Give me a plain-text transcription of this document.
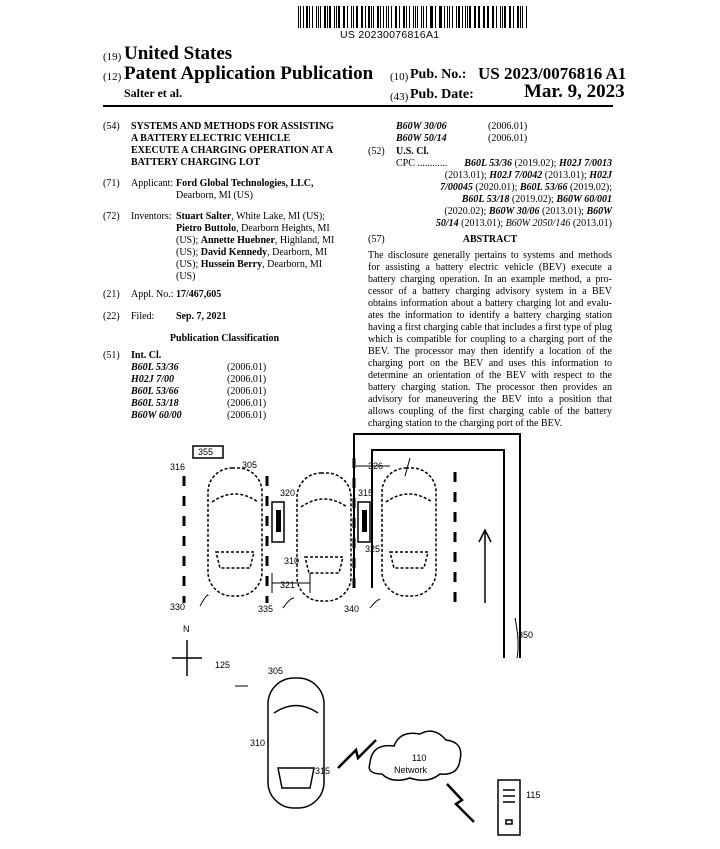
US 20230076816A1
(19) United States
(12) Patent Application Publication
Salter et al.
(10) Pub. No.: US 2023/0076816 A1
(43) Pub. Date:	Mar. 9, 2023
(54) SYSTEMS AND METHODS FOR ASSISTING
A BATTERY ELECTRIC VEHICLE
EXECUTE A CHARGING OPERATION AT A
BATTERY CHARGING LOT
(71) Applicant: Ford Global Technologies, LLC,
Dearborn, MI (US)
(72) Inventors: Stuart Salter, White Lake, MI (US);
Pietro Buttolo, Dearborn Heights, MI
(US); Annette Huebner, Highland, MI
(US); David Kennedy, Dearborn, MI
(US); Hussein Berry, Dearborn, MI
(US)
(21) Appl. No.: 17/467,605
(22) Filed: Sep. 7, 2021
Publication Classification
(51) Int. Cl.
B60L 53/36	(2006.01)
H02J 7/00	(2006.01)
B60L 53/66	(2006.01)
B60L 53/18	(2006.01)
B60W 60/00	(2006.01)
B60W 30/06	(2006.01)
B60W 50/14	(2006.01)
(52) U.S. Cl.
CPC ............	B60L 53/36 (2019.02); H02J 7/0013
(2013.01); H02J 7/0042 (2013.01); H02J
7/00045 (2020.01); B60L 53/66 (2019.02);
B60L 53/18 (2019.02); B60W 60/001
(2020.02); B60W 30/06 (2013.01); B60W
50/14 (2013.01); B60W 2050/146 (2013.01)
(57)	ABSTRACT
The disclosure generally pertains to systems and methods
for assisting a battery electric vehicle (BEV) execute a
battery charging operation. In an example method, a pro-
cessor of a battery charging advisory system in a BEV
obtains information about a battery charging lot and evalu-
ates the information to identify a battery charging station
having a first charging cable that includes a first type of plug
which is compatible for coupling to a charging port of the
BEV. The processor may then identify a location of the
charging port on the BEV and uses this information to
determine an orientation of the BEV with respect to the
battery charging station. The processor then provides an
advisory for maneuvering the BEV into a position that
allows coupling of the first charging cable of the battery
charging station to the charging port of the BEV.
355
316	305
320
326
315
325
310
321
330	335	340
350
N
125
305
310
315
110
Network
115
